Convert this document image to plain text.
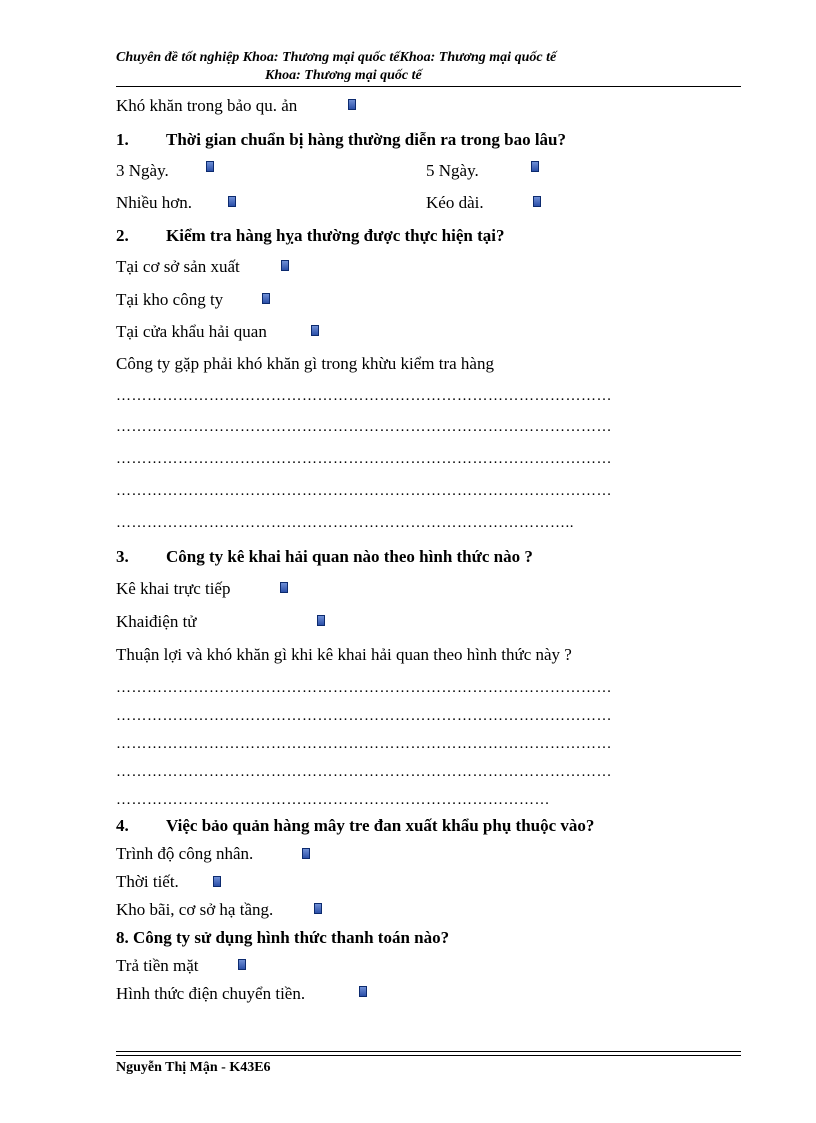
Chuyên đề tốt nghiệp Khoa: Thương mại quốc tếKhoa: Thương mại quốc tế
Khoa: Thương mại quốc tế
Khó khăn trong bảo qu. ản
1. Thời gian chuẩn bị hàng thường diễn ra trong bao lâu?
3 Ngày.	5 Ngày.
Nhiều hơn.	Kéo dài.
2. Kiểm tra hàng hỵa thường được thực hiện tại?
Tại cơ sở sản xuất
Tại kho công ty
Tại cửa khẩu hải quan
Công ty gặp phải khó khăn gì trong khừu kiểm tra hàng
……………………………………………………………………………………
……………………………………………………………………………………
……………………………………………………………………………………
……………………………………………………………………………………
……………………………………………………………………………..
3. Công ty kê khai hải quan nào theo hình thức nào ?
Kê khai trực tiếp
Khaiđiện tử
Thuận lợi và khó khăn gì khi kê khai hải quan theo hình thức này ?
……………………………………………………………………………………
……………………………………………………………………………………
……………………………………………………………………………………
……………………………………………………………………………………
…………………………………………………………………………
4. Việc bảo quản hàng mây tre đan xuất khẩu phụ thuộc vào?
Trình độ công nhân.
Thời tiết.
Kho bãi, cơ sở hạ tầng.
8. Công ty sử dụng hình thức thanh toán nào?
Trả tiền mặt
Hình thức điện chuyển tiền.
Nguyễn Thị Mận - K43E6
